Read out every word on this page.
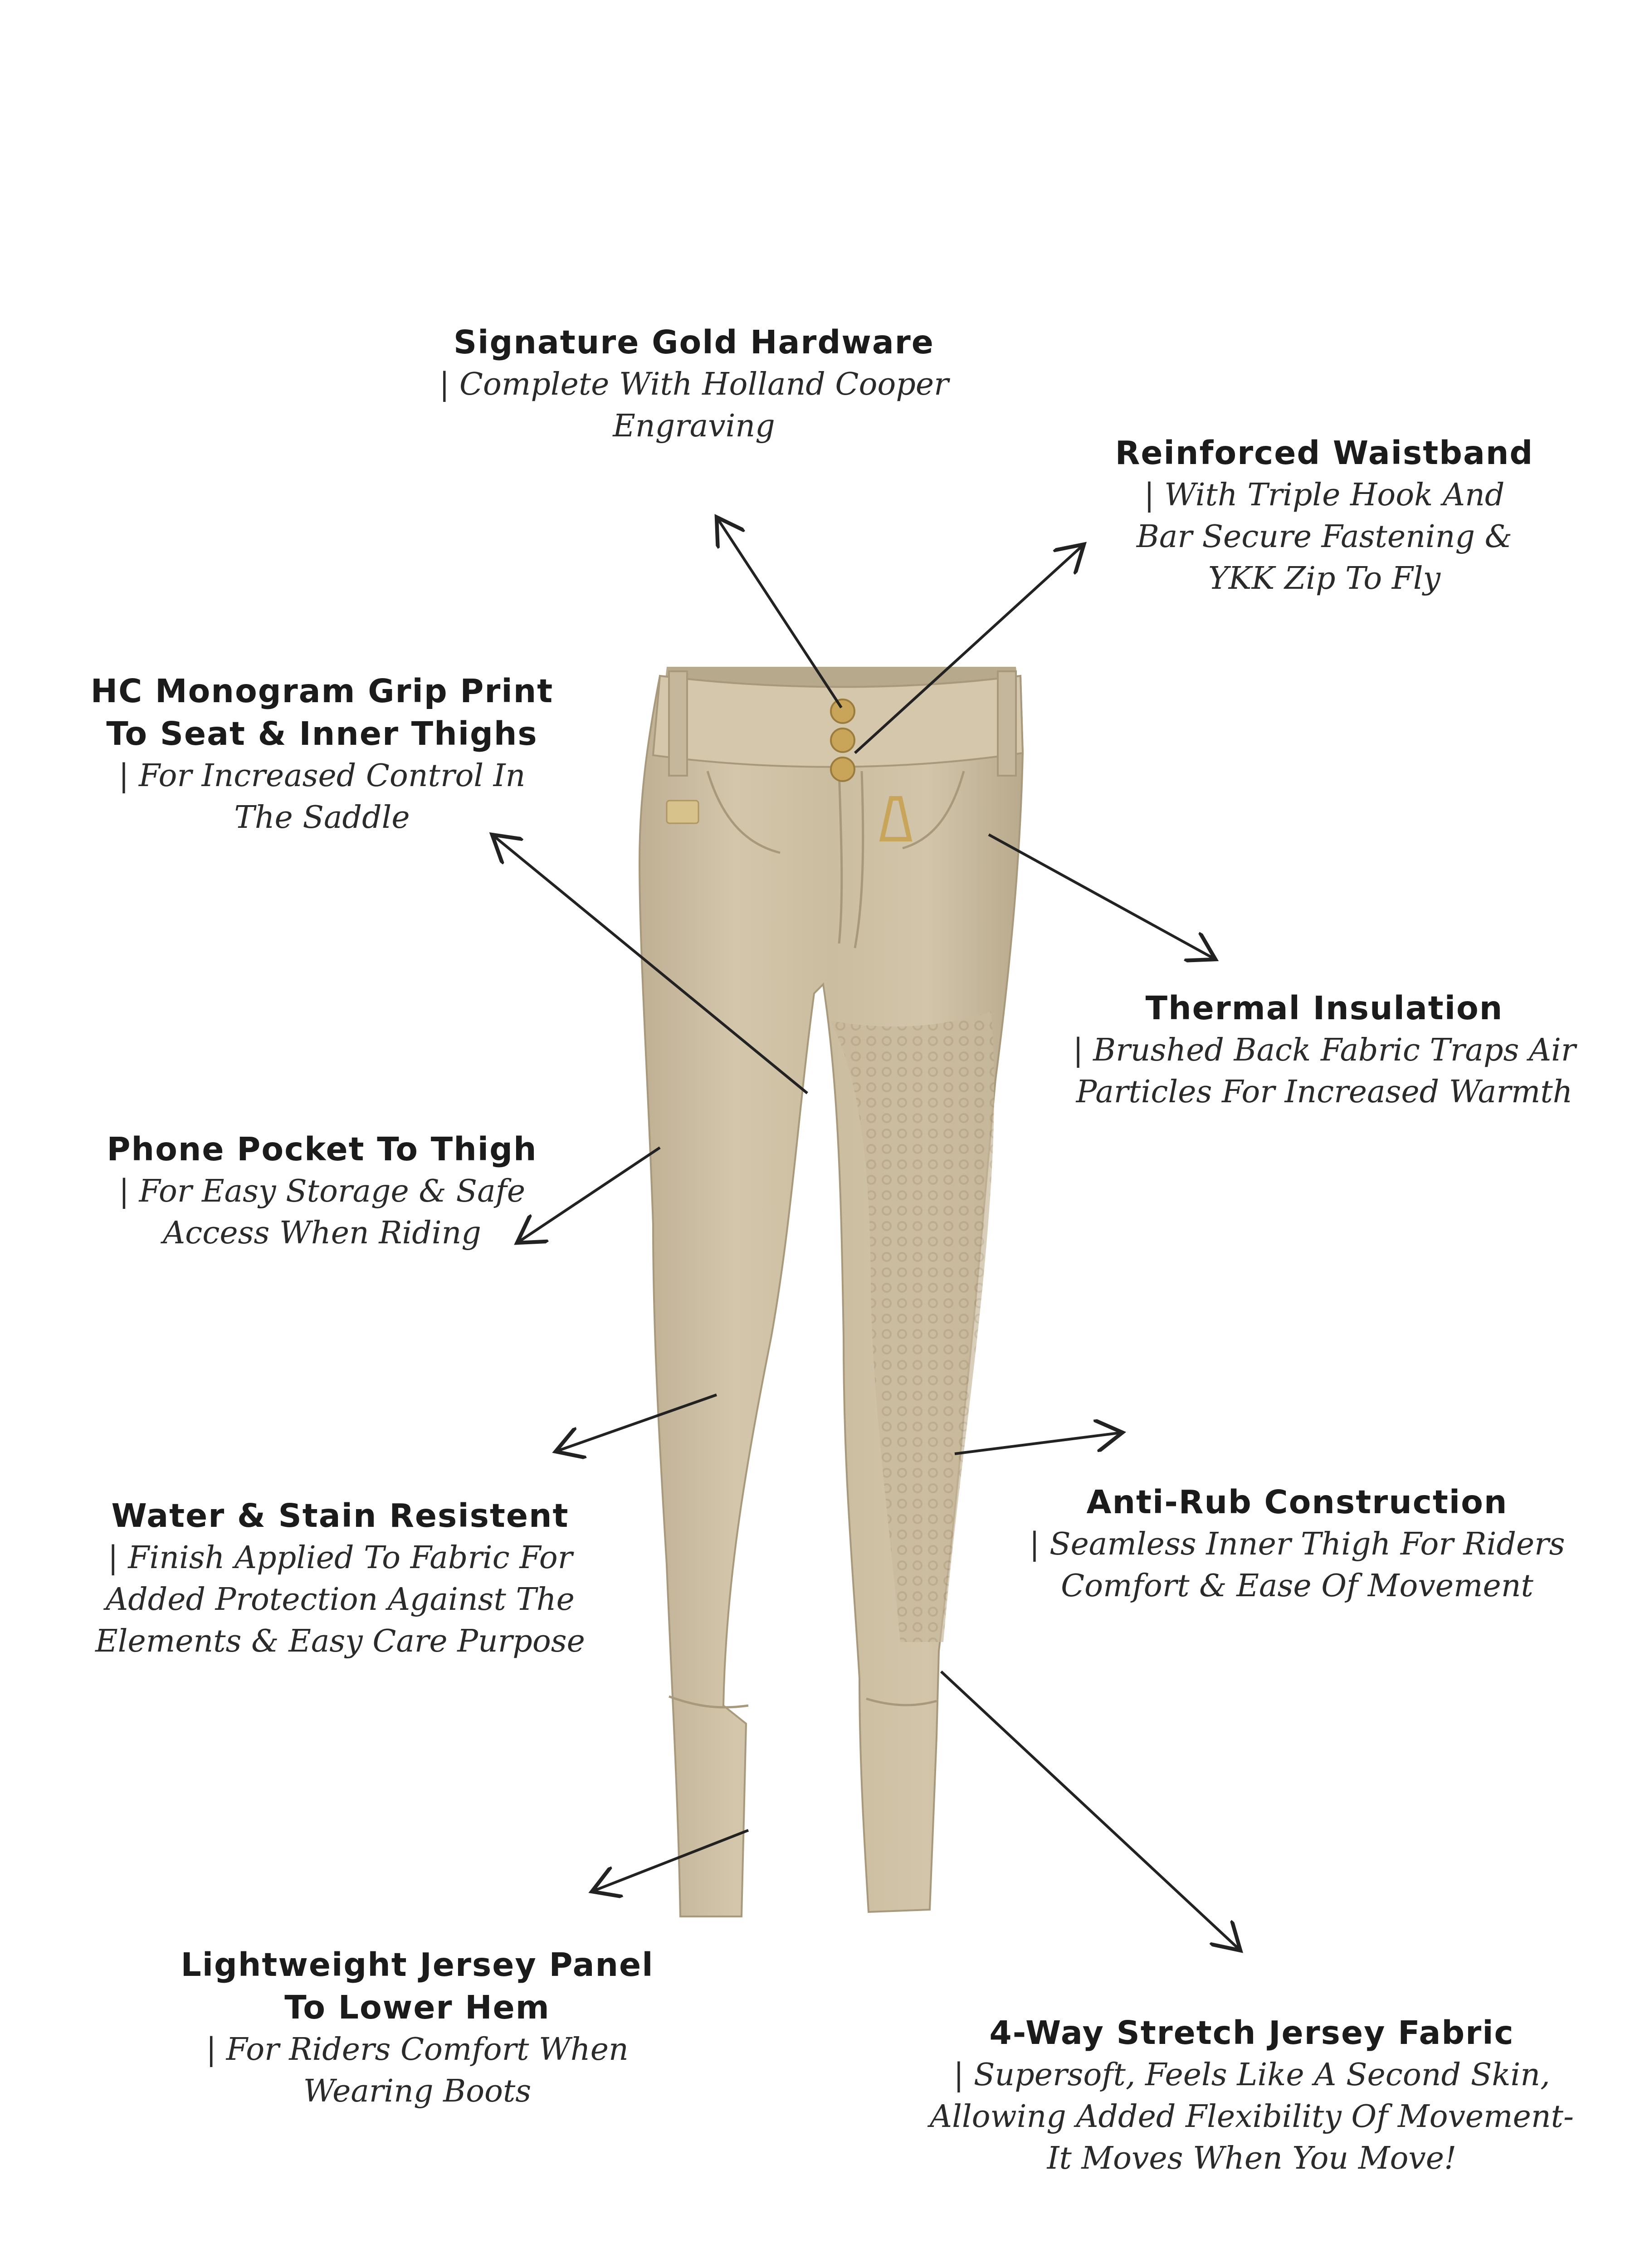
Signature Gold Hardware
| Complete With Holland Cooper
Engraving
Reinforced Waistband
| With Triple Hook And
Bar Secure Fastening &
YKK Zip To Fly
HC Monogram Grip Print
To Seat & Inner Thighs
| For Increased Control In
The Saddle
Thermal Insulation
| Brushed Back Fabric Traps Air
Particles For Increased Warmth
Phone Pocket To Thigh
| For Easy Storage & Safe
Access When Riding
Water & Stain Resistent
| Finish Applied To Fabric For
Added Protection Against The
Elements & Easy Care Purpose
Anti-Rub Construction
| Seamless Inner Thigh For Riders
Comfort & Ease Of Movement
Lightweight Jersey Panel
To Lower Hem
| For Riders Comfort When
Wearing Boots
4-Way Stretch Jersey Fabric
| Supersoft, Feels Like A Second Skin,
Allowing Added Flexibility Of Movement-
It Moves When You Move!
